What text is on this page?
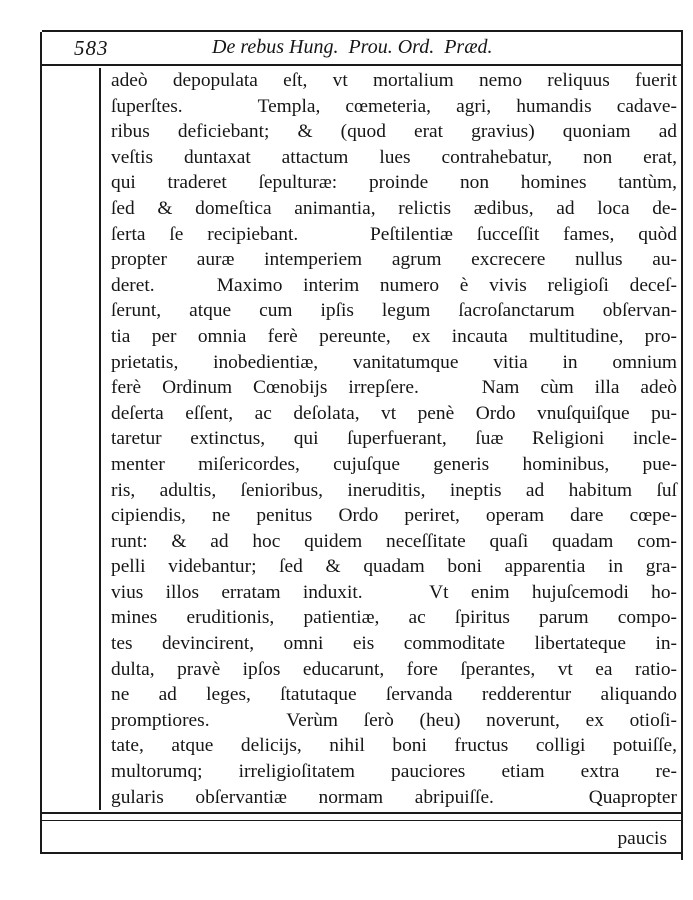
583	De rebus Hung.  Prou. Ord.  Præd.
adeò depopulata eſt, vt mortalium nemo reliquus fuerit
ſuperſtes.   Templa, cœmeteria, agri, humandis cadave-
ribus deficiebant; & (quod erat gravius) quoniam ad
veſtis duntaxat attactum lues contrahebatur, non erat,
qui traderet ſepulturæ: proinde non homines tantùm,
ſed & domeſtica animantia, relictis ædibus, ad loca de-
ſerta ſe recipiebant.   Peſtilentiæ ſucceſſit fames, quòd
propter auræ intemperiem agrum excrecere nullus au-
deret.   Maximo interim numero è vivis religioſi deceſ-
ſerunt, atque cum ipſis legum ſacroſanctarum obſervan-
tia per omnia ferè pereunte, ex incauta multitudine, pro-
prietatis, inobedientiæ, vanitatumque vitia in omnium
ferè Ordinum Cœnobijs irrepſere.   Nam cùm illa adeò
deſerta eſſent, ac deſolata, vt penè Ordo vnuſquiſque pu-
taretur extinctus, qui ſuperfuerant, ſuæ Religioni incle-
menter miſericordes, cujuſque generis hominibus, pue-
ris, adultis, ſenioribus, ineruditis, ineptis ad habitum ſuſ
cipiendis, ne penitus Ordo periret, operam dare cœpe-
runt: & ad hoc quidem neceſſitate quaſi quadam com-
pelli videbantur; ſed & quadam boni apparentia in gra-
vius illos erratam induxit.   Vt enim hujuſcemodi ho-
mines eruditionis, patientiæ, ac ſpiritus parum compo-
tes devincirent, omni eis commoditate libertateque in-
dulta, pravè ipſos educarunt, fore ſperantes, vt ea ratio-
ne ad leges, ſtatutaque ſervanda redderentur aliquando
promptiores.   Verùm ſerò (heu) noverunt, ex otioſi-
tate, atque delicijs, nihil boni fructus colligi potuiſſe,
multorumq; irreligioſitatem pauciores etiam extra re-
gularis obſervantiæ normam abripuiſſe.   Quapropter
paucis
